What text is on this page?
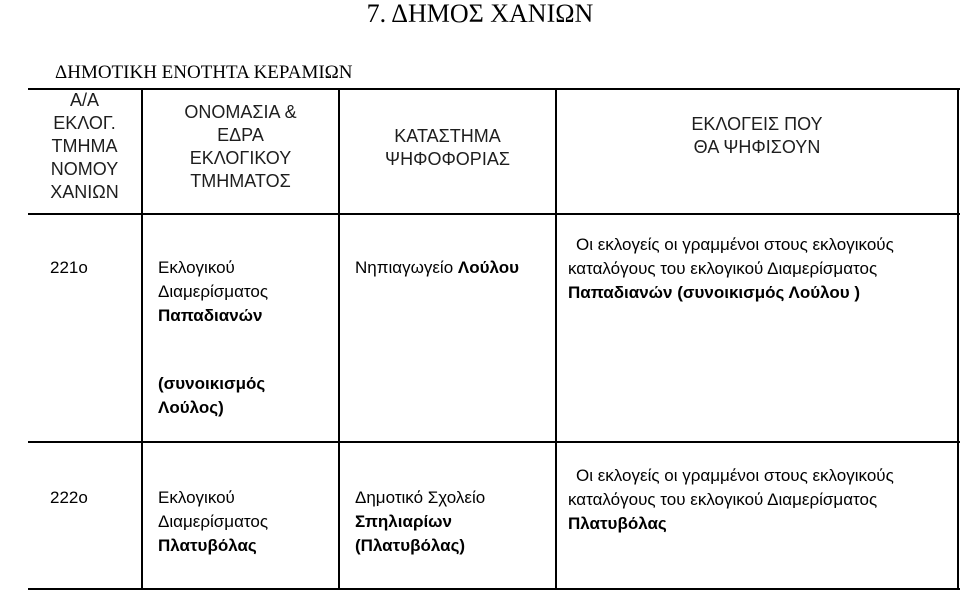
7. ΔΗΜΟΣ ΧΑΝΙΩΝ
ΔΗΜΟΤΙΚΗ ΕΝΟΤΗΤΑ ΚΕΡΑΜΙΩΝ
Α/Α
ΕΚΛΟΓ.
ΤΜΗΜΑ
ΝΟΜΟΥ
ΧΑΝΙΩΝ
ΟΝΟΜΑΣΙΑ &
ΕΔΡΑ
ΕΚΛΟΓΙΚΟΥ
ΤΜΗΜΑΤΟΣ
ΚΑΤΑΣΤΗΜΑ
ΨΗΦΟΦΟΡΙΑΣ
ΕΚΛΟΓΕΙΣ ΠΟΥ
ΘΑ ΨΗΦΙΣΟΥΝ
221ο	Εκλογικού
Διαμερίσματος
Παπαδιανών
(συνοικισμός
Λούλος)
Νηπιαγωγείο Λούλου
Οι εκλογείς οι γραμμένοι στους εκλογικούς
καταλόγους του εκλογικού Διαμερίσματος
Παπαδιανών (συνοικισμός Λούλου )
222ο	Εκλογικού
Διαμερίσματος
Πλατυβόλας
Δημοτικό Σχολείο
Σπηλιαρίων
(Πλατυβόλας)
Οι εκλογείς οι γραμμένοι στους εκλογικούς
καταλόγους του εκλογικού Διαμερίσματος
Πλατυβόλας
